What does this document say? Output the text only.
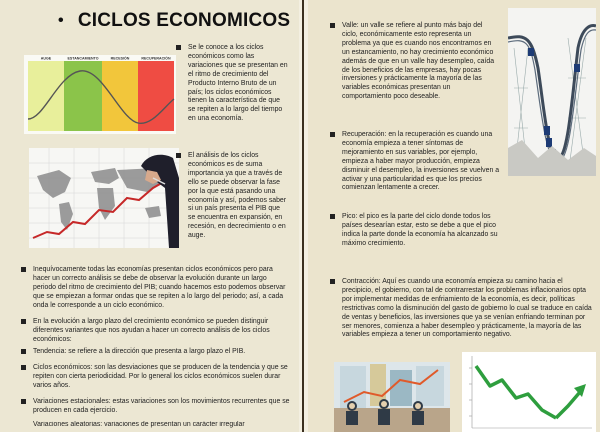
• CICLOS ECONOMICOS
AUGE	ESTANCAMIENTO	RECESIÓN	RECUPERACIÓN
Se le conoce a los ciclos económicos como las variaciones que se presentan en el ritmo de crecimiento del Producto Interno Bruto de un país; los ciclos económicos tienen la característica de que se repiten a lo largo del tiempo en una economía.
El análisis de los ciclos económicos es de suma importancia ya que a través de ello se puede observar la fase por la que está pasando una economía y así, podemos saber si un país presenta el PIB que se encuentra en expansión, en recesión, en decrecimiento o en auge.
Inequívocamente todas las economías presentan ciclos económicos pero para hacer un correcto análisis se debe de observar la evolución durante un largo periodo del ritmo de crecimiento del PIB; cuando hacemos esto podemos observar que se empiezan a formar ondas que se repiten a lo largo del periodo; así, a cada onda le corresponde a un ciclo económico.
En la evolución a largo plazo del crecimiento económico se pueden distinguir diferentes variantes que nos ayudan a hacer un correcto análisis de los ciclos económicos:
Tendencia: se refiere a la dirección que presenta a largo plazo el PIB.
Ciclos económicos: son las desviaciones que se producen de la tendencia y que se repiten con cierta periodicidad. Por lo general los ciclos económicos suelen durar varios años.
Variaciones estacionales: estas variaciones son los movimientos recurrentes que se producen en cada ejercicio.
Variaciones aleatorias: variaciones de presentan un carácter irregular
Valle: un valle se refiere al punto más bajo del ciclo, económicamente esto representa un problema ya que es cuando nos encontramos en un estancamiento, no hay crecimiento económico además de que en un valle hay desempleo, caída de los beneficios de las empresas, hay pocas inversiones y prácticamente la mayoría de las variables económicas presentan un comportamiento poco deseable.
Recuperación: en la recuperación es cuando una economía empieza a tener síntomas de mejoramiento en sus variables, por ejemplo, empieza a haber mayor producción, empieza disminuir el desempleo, la inversiones se vuelven a activar y una particularidad es que los precios comienzan lentamente a crecer.
Pico: el pico es la parte del ciclo donde todos los países desearían estar, esto se debe a que el pico indica la parte donde la economía ha alcanzado su máximo crecimiento.
Contracción: Aquí es cuando una economía empieza su camino hacia el precipicio, el gobierno, con tal de contrarrestar los problemas inflacionarios opta por implementar medidas de enfriamiento de la economía, es decir, políticas restrictivas como la disminución del gasto de gobierno lo cual se traduce en caída de ventas y beneficios, las inversiones que ya se venían enfriando terminan por ser menores, comienza a haber desempleo y prácticamente, la mayoría de las variables empieza a tener un comportamiento negativo.
